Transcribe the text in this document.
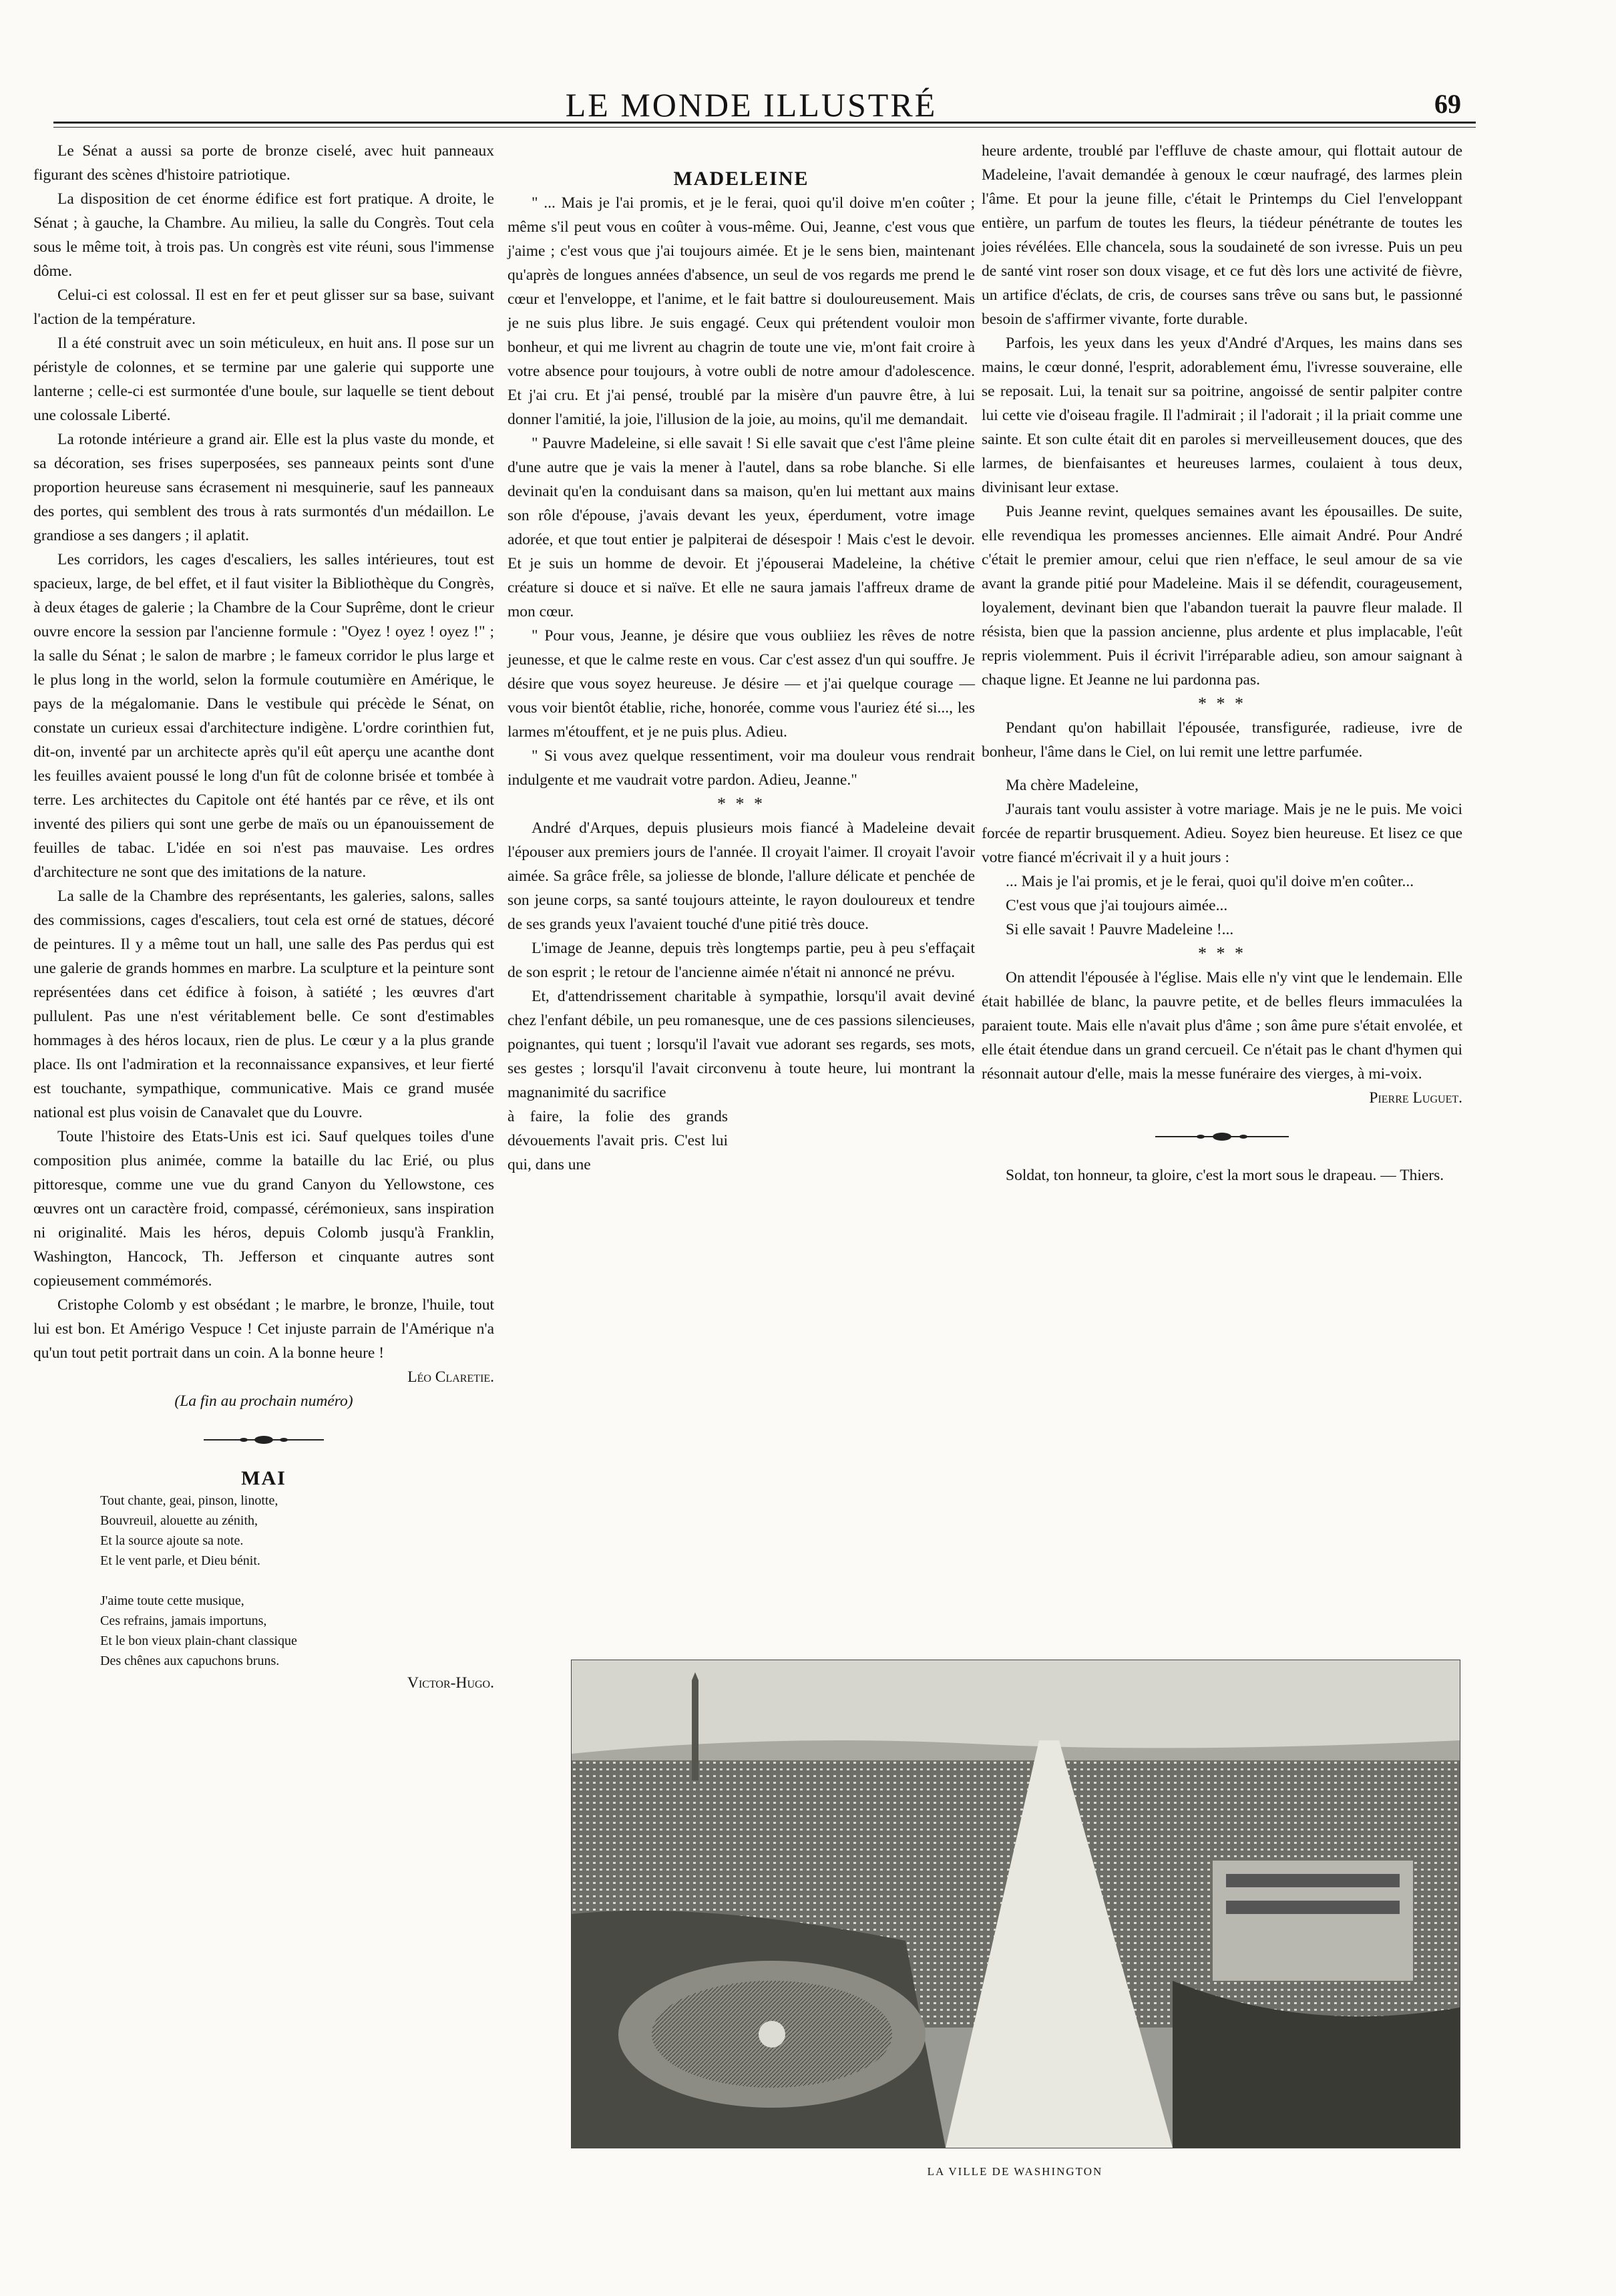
LE MONDE ILLUSTRÉ	69

Le Sénat a aussi sa porte de bronze ciselé, avec huit panneaux figurant des scènes d'histoire patriotique.

La disposition de cet énorme édifice est fort pratique. A droite, le Sénat ; à gauche, la Chambre. Au milieu, la salle du Congrès. Tout cela sous le même toit, à trois pas. Un congrès est vite réuni, sous l'immense dôme.

Celui-ci est colossal. Il est en fer et peut glisser sur sa base, suivant l'action de la température.

Il a été construit avec un soin méticuleux, en huit ans. Il pose sur un péristyle de colonnes, et se termine par une galerie qui supporte une lanterne ; celle-ci est surmontée d'une boule, sur laquelle se tient debout une colossale Liberté.

La rotonde intérieure a grand air. Elle est la plus vaste du monde, et sa décoration, ses frises superposées, ses panneaux peints sont d'une proportion heureuse sans écrasement ni mesquinerie, sauf les panneaux des portes, qui semblent des trous à rats surmontés d'un médaillon. Le grandiose a ses dangers ; il aplatit.

Les corridors, les cages d'escaliers, les salles intérieures, tout est spacieux, large, de bel effet, et il faut visiter la Bibliothèque du Congrès, à deux étages de galerie ; la Chambre de la Cour Suprême, dont le crieur ouvre encore la session par l'ancienne formule : "Oyez ! oyez ! oyez !" ; la salle du Sénat ; le salon de marbre ; le fameux corridor le plus large et le plus long in the world, selon la formule coutumière en Amérique, le pays de la mégalomanie. Dans le vestibule qui précède le Sénat, on constate un curieux essai d'architecture indigène. L'ordre corinthien fut, dit-on, inventé par un architecte après qu'il eût aperçu une acanthe dont les feuilles avaient poussé le long d'un fût de colonne brisée et tombée à terre. Les architectes du Capitole ont été hantés par ce rêve, et ils ont inventé des piliers qui sont une gerbe de maïs ou un épanouissement de feuilles de tabac. L'idée en soi n'est pas mauvaise. Les ordres d'architecture ne sont que des imitations de la nature.

La salle de la Chambre des représentants, les galeries, salons, salles des commissions, cages d'escaliers, tout cela est orné de statues, décoré de peintures. Il y a même tout un hall, une salle des Pas perdus qui est une galerie de grands hommes en marbre. La sculpture et la peinture sont représentées dans cet édifice à foison, à satiété ; les œuvres d'art pullulent. Pas une n'est véritablement belle. Ce sont d'estimables hommages à des héros locaux, rien de plus. Le cœur y a la plus grande place. Ils ont l'admiration et la reconnaissance expansives, et leur fierté est touchante, sympathique, communicative. Mais ce grand musée national est plus voisin de Canavalet que du Louvre.

Toute l'histoire des Etats-Unis est ici. Sauf quelques toiles d'une composition plus animée, comme la bataille du lac Erié, ou plus pittoresque, comme une vue du grand Canyon du Yellowstone, ces œuvres ont un caractère froid, compassé, cérémonieux, sans inspiration ni originalité. Mais les héros, depuis Colomb jusqu'à Franklin, Washington, Hancock, Th. Jefferson et cinquante autres sont copieusement commémorés.

Cristophe Colomb y est obsédant ; le marbre, le bronze, l'huile, tout lui est bon. Et Amérigo Vespuce ! Cet injuste parrain de l'Amérique n'a qu'un tout petit portrait dans un coin. A la bonne heure !

Léo Claretie.

(La fin au prochain numéro)

MAI

Tout chante, geai, pinson, linotte,
Bouvreuil, alouette au zénith,
Et la source ajoute sa note.
Et le vent parle, et Dieu bénit.
J'aime toute cette musique,
Ces refrains, jamais importuns,
Et le bon vieux plain-chant classique
Des chênes aux capuchons bruns.

Victor-Hugo.

MADELEINE

" ... Mais je l'ai promis, et je le ferai, quoi qu'il doive m'en coûter ; même s'il peut vous en coûter à vous-même. Oui, Jeanne, c'est vous que j'aime ; c'est vous que j'ai toujours aimée. Et je le sens bien, maintenant qu'après de longues années d'absence, un seul de vos regards me prend le cœur et l'enveloppe, et l'anime, et le fait battre si douloureusement. Mais je ne suis plus libre. Je suis engagé. Ceux qui prétendent vouloir mon bonheur, et qui me livrent au chagrin de toute une vie, m'ont fait croire à votre absence pour toujours, à votre oubli de notre amour d'adolescence. Et j'ai cru. Et j'ai pensé, troublé par la misère d'un pauvre être, à lui donner l'amitié, la joie, l'illusion de la joie, au moins, qu'il me demandait.

" Pauvre Madeleine, si elle savait ! Si elle savait que c'est l'âme pleine d'une autre que je vais la mener à l'autel, dans sa robe blanche. Si elle devinait qu'en la conduisant dans sa maison, qu'en lui mettant aux mains son rôle d'épouse, j'avais devant les yeux, éperdument, votre image adorée, et que tout entier je palpiterai de désespoir ! Mais c'est le devoir. Et je suis un homme de devoir. Et j'épouserai Madeleine, la chétive créature si douce et si naïve. Et elle ne saura jamais l'affreux drame de mon cœur.

" Pour vous, Jeanne, je désire que vous oubliiez les rêves de notre jeunesse, et que le calme reste en vous. Car c'est assez d'un qui souffre. Je désire que vous soyez heureuse. Je désire — et j'ai quelque courage — vous voir bientôt établie, riche, honorée, comme vous l'auriez été si..., les larmes m'étouffent, et je ne puis plus. Adieu.

" Si vous avez quelque ressentiment, voir ma douleur vous rendrait indulgente et me vaudrait votre pardon. Adieu, Jeanne."

* * *

André d'Arques, depuis plusieurs mois fiancé à Madeleine devait l'épouser aux premiers jours de l'année. Il croyait l'aimer. Il croyait l'avoir aimée. Sa grâce frêle, sa joliesse de blonde, l'allure délicate et penchée de son jeune corps, sa santé toujours atteinte, le rayon douloureux et tendre de ses grands yeux l'avaient touché d'une pitié très douce.

L'image de Jeanne, depuis très longtemps partie, peu à peu s'effaçait de son esprit ; le retour de l'ancienne aimée n'était ni annoncé ne prévu.

Et, d'attendrissement charitable à sympathie, lorsqu'il avait deviné chez l'enfant débile, un peu romanesque, une de ces passions silencieuses, poignantes, qui tuent ; lorsqu'il l'avait vue adorant ses regards, ses mots, ses gestes ; lorsqu'il l'avait circonvenu à toute heure, lui montrant la magnanimité du sacrifice

à faire, la folie des grands dévouements l'avait pris. C'est lui qui, dans une

heure ardente, troublé par l'effluve de chaste amour, qui flottait autour de Madeleine, l'avait demandée à genoux le cœur naufragé, des larmes plein l'âme. Et pour la jeune fille, c'était le Printemps du Ciel l'enveloppant entière, un parfum de toutes les fleurs, la tiédeur pénétrante de toutes les joies révélées. Elle chancela, sous la soudaineté de son ivresse. Puis un peu de santé vint roser son doux visage, et ce fut dès lors une activité de fièvre, un artifice d'éclats, de cris, de courses sans trêve ou sans but, le passionné besoin de s'affirmer vivante, forte durable.

Parfois, les yeux dans les yeux d'André d'Arques, les mains dans ses mains, le cœur donné, l'esprit, adorablement ému, l'ivresse souveraine, elle se reposait. Lui, la tenait sur sa poitrine, angoissé de sentir palpiter contre lui cette vie d'oiseau fragile. Il l'admirait ; il l'adorait ; il la priait comme une sainte. Et son culte était dit en paroles si merveilleusement douces, que des larmes, de bienfaisantes et heureuses larmes, coulaient à tous deux, divinisant leur extase.

Puis Jeanne revint, quelques semaines avant les épousailles. De suite, elle revendiqua les promesses anciennes. Elle aimait André. Pour André c'était le premier amour, celui que rien n'efface, le seul amour de sa vie avant la grande pitié pour Madeleine. Mais il se défendit, courageusement, loyalement, devinant bien que l'abandon tuerait la pauvre fleur malade. Il résista, bien que la passion ancienne, plus ardente et plus implacable, l'eût repris violemment. Puis il écrivit l'irréparable adieu, son amour saignant à chaque ligne. Et Jeanne ne lui pardonna pas.

* * *

Pendant qu'on habillait l'épousée, transfigurée, radieuse, ivre de bonheur, l'âme dans le Ciel, on lui remit une lettre parfumée.

Ma chère Madeleine,

J'aurais tant voulu assister à votre mariage. Mais je ne le puis. Me voici forcée de repartir brusquement. Adieu. Soyez bien heureuse. Et lisez ce que votre fiancé m'écrivait il y a huit jours :

... Mais je l'ai promis, et je le ferai, quoi qu'il doive m'en coûter...

C'est vous que j'ai toujours aimée...

Si elle savait ! Pauvre Madeleine !...

* * *

On attendit l'épousée à l'église. Mais elle n'y vint que le lendemain. Elle était habillée de blanc, la pauvre petite, et de belles fleurs immaculées la paraient toute. Mais elle n'avait plus d'âme ; son âme pure s'était envolée, et elle était étendue dans un grand cercueil. Ce n'était pas le chant d'hymen qui résonnait autour d'elle, mais la messe funéraire des vierges, à mi-voix.

Pierre Luguet.

Soldat, ton honneur, ta gloire, c'est la mort sous le drapeau. — Thiers.

LA VILLE DE WASHINGTON
